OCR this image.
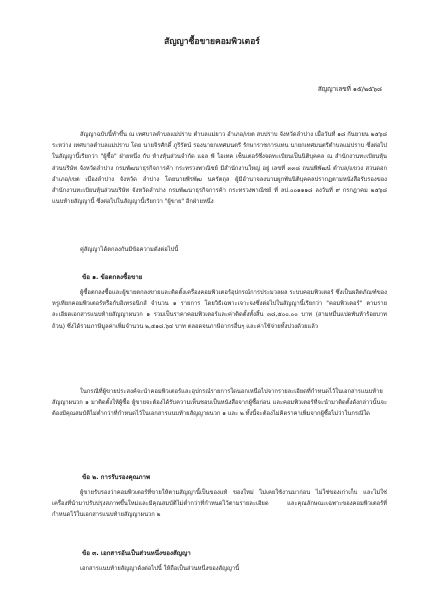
สัญญาซื้อขายคอมพิวเตอร์
สัญญาเลขที่ ๑๕/๒๕๖๘

สัญญาฉบับนี้ทำขึ้น ณ เทศบาลตำบลแม่ปราบ ตำบลแม่ยาว อำเภอ/เขต สบปราบ จังหวัดลำปาง เมื่อวันที่ ๑๘ กันยายน ๒๕๖๘ ระหว่าง เทศบาลตำบลแม่ปราบ โดย นายจิรศักดิ์ ภูริรัตน์ รองนายกเทศมนตรี รักษาราชการแทน นายกเทศมนตรีตำบลแม่ปราบ ซึ่งต่อไปในสัญญานี้เรียกว่า "ผู้ซื้อ" ฝ่ายหนึ่ง กับ ห้างหุ้นส่วนจำกัด แอล พี ไอเทค เซ็นเตอร์ซึ่งจดทะเบียนเป็นนิติบุคคล ณ สำนักงานทะเบียนหุ้นส่วนบริษัท จังหวัดลำปาง กรมพัฒนาธุรกิจการค้า กระทรวงพาณิชย์ มีสำนักงานใหญ่ อยู่ เลขที่ ๓๓๘ ถนนพิพัฒน์ ตำบล/แขวง สวนดอก อำเภอ/เขต เมืองลำปาง จังหวัด ลำปาง โดยนายพีรพัฒ นครัตถุล ผู้มีอำนาจลงนามผูกพันนิติบุคคลปรากฏตามหนังสือรับรองของ สำนักงานทะเบียนหุ้นส่วนบริษัท จังหวัดลำปาง กรมพัฒนาธุรกิจการค้า กระทรวงพาณิชย์ ที่ ลป.๐๐๑๑๑๘ ลงวันที่ ๙ กรกฎาคม ๒๕๖๘ แนบท้ายสัญญานี้ ซึ่งต่อไปในสัญญานี้เรียกว่า "ผู้ขาย" อีกฝ่ายหนึ่ง

คู่สัญญาได้ตกลงกันมีข้อความดังต่อไปนี้

ข้อ ๑. ข้อตกลงซื้อขาย

ผู้ซื้อตกลงซื้อและผู้ขายตกลงขายและติดตั้งเครื่องคอมพิวเตอร์อุปกรณ์การประมวลผล ระบบคอมพิวเตอร์ ซึ่งเป็นผลิตภัณฑ์ของ หรูเทียกคอมพิวเตอร์หรือกับอิเทรอนิกส์ จำนวน ๑ รายการ โดยวิธีเฉพาะเจาะจงซึ่งต่อไปในสัญญานี้เรียกว่า "คอมพิวเตอร์" ตามรายละเอียดเอกสารแนบท้ายสัญญาผนวก ๑ รวมเป็นราคาคอมพิวเตอร์และค่าติดตั้งทั้งสิ้น ๓๘,๕๐๐.๐๐ บาท (สามหมื่นแปดพันห้าร้อยบาทถ้วน) ซึ่งได้รวมภาษีมูลค่าเพิ่มจำนวน ๒,๕๑๘.๖๔ บาท ตลอดจนภาษีอากรอื่นๆ และค่าใช้จ่ายทั้งปวงด้วยแล้ว

ในกรณีที่ผู้ขายประสงค์จะนำคอมพิวเตอร์และอุปกรณ์รายการใดนอกเหนือไปจากรายละเอียดที่กำหนดไว้ในเอกสารแนบท้ายสัญญาผนวก ๑ มาติดตั้งให้ผู้ซื้อ ผู้ขายจะต้องได้รับความเห็นชอบเป็นหนังสือจากผู้ซื้อก่อน และคอมพิวเตอร์ที่จะนำมาติดตั้งดังกล่าวนั้นจะต้องมีคุณสมบัติไม่ต่ำกว่าที่กำหนดไว้ในเอกสารแนบท้ายสัญญาผนวก ๑ และ ๒ ทั้งนี้จะต้องไม่คิดราคาเพิ่มจากผู้ซื้อไม่ว่าในกรณีใด

ข้อ ๒. การรับรองคุณภาพ

ผู้ขายรับรองว่าคอมพิวเตอร์ที่ขายให้ตามสัญญานี้เป็นของแท้ ของใหม่ ไม่เคยใช้งานมาก่อน ไม่ใช่ของเก่าเก็บ และไม่ใช่เครื่องที่นำมาปรับปรุงสภาพขึ้นใหม่และมีคุณสมบัติไม่ต่ำกว่าที่กำหนดไว้ตามรายละเอียด และคุณลักษณะเฉพาะของคอมพิวเตอร์ที่กำหนดไว้ในเอกสารแนบท้ายสัญญาผนวก ๒

ข้อ ๓. เอกสารอันเป็นส่วนหนึ่งของสัญญา

เอกสารแนบท้ายสัญญาดังต่อไปนี้ ให้ถือเป็นส่วนหนึ่งของสัญญานี้
